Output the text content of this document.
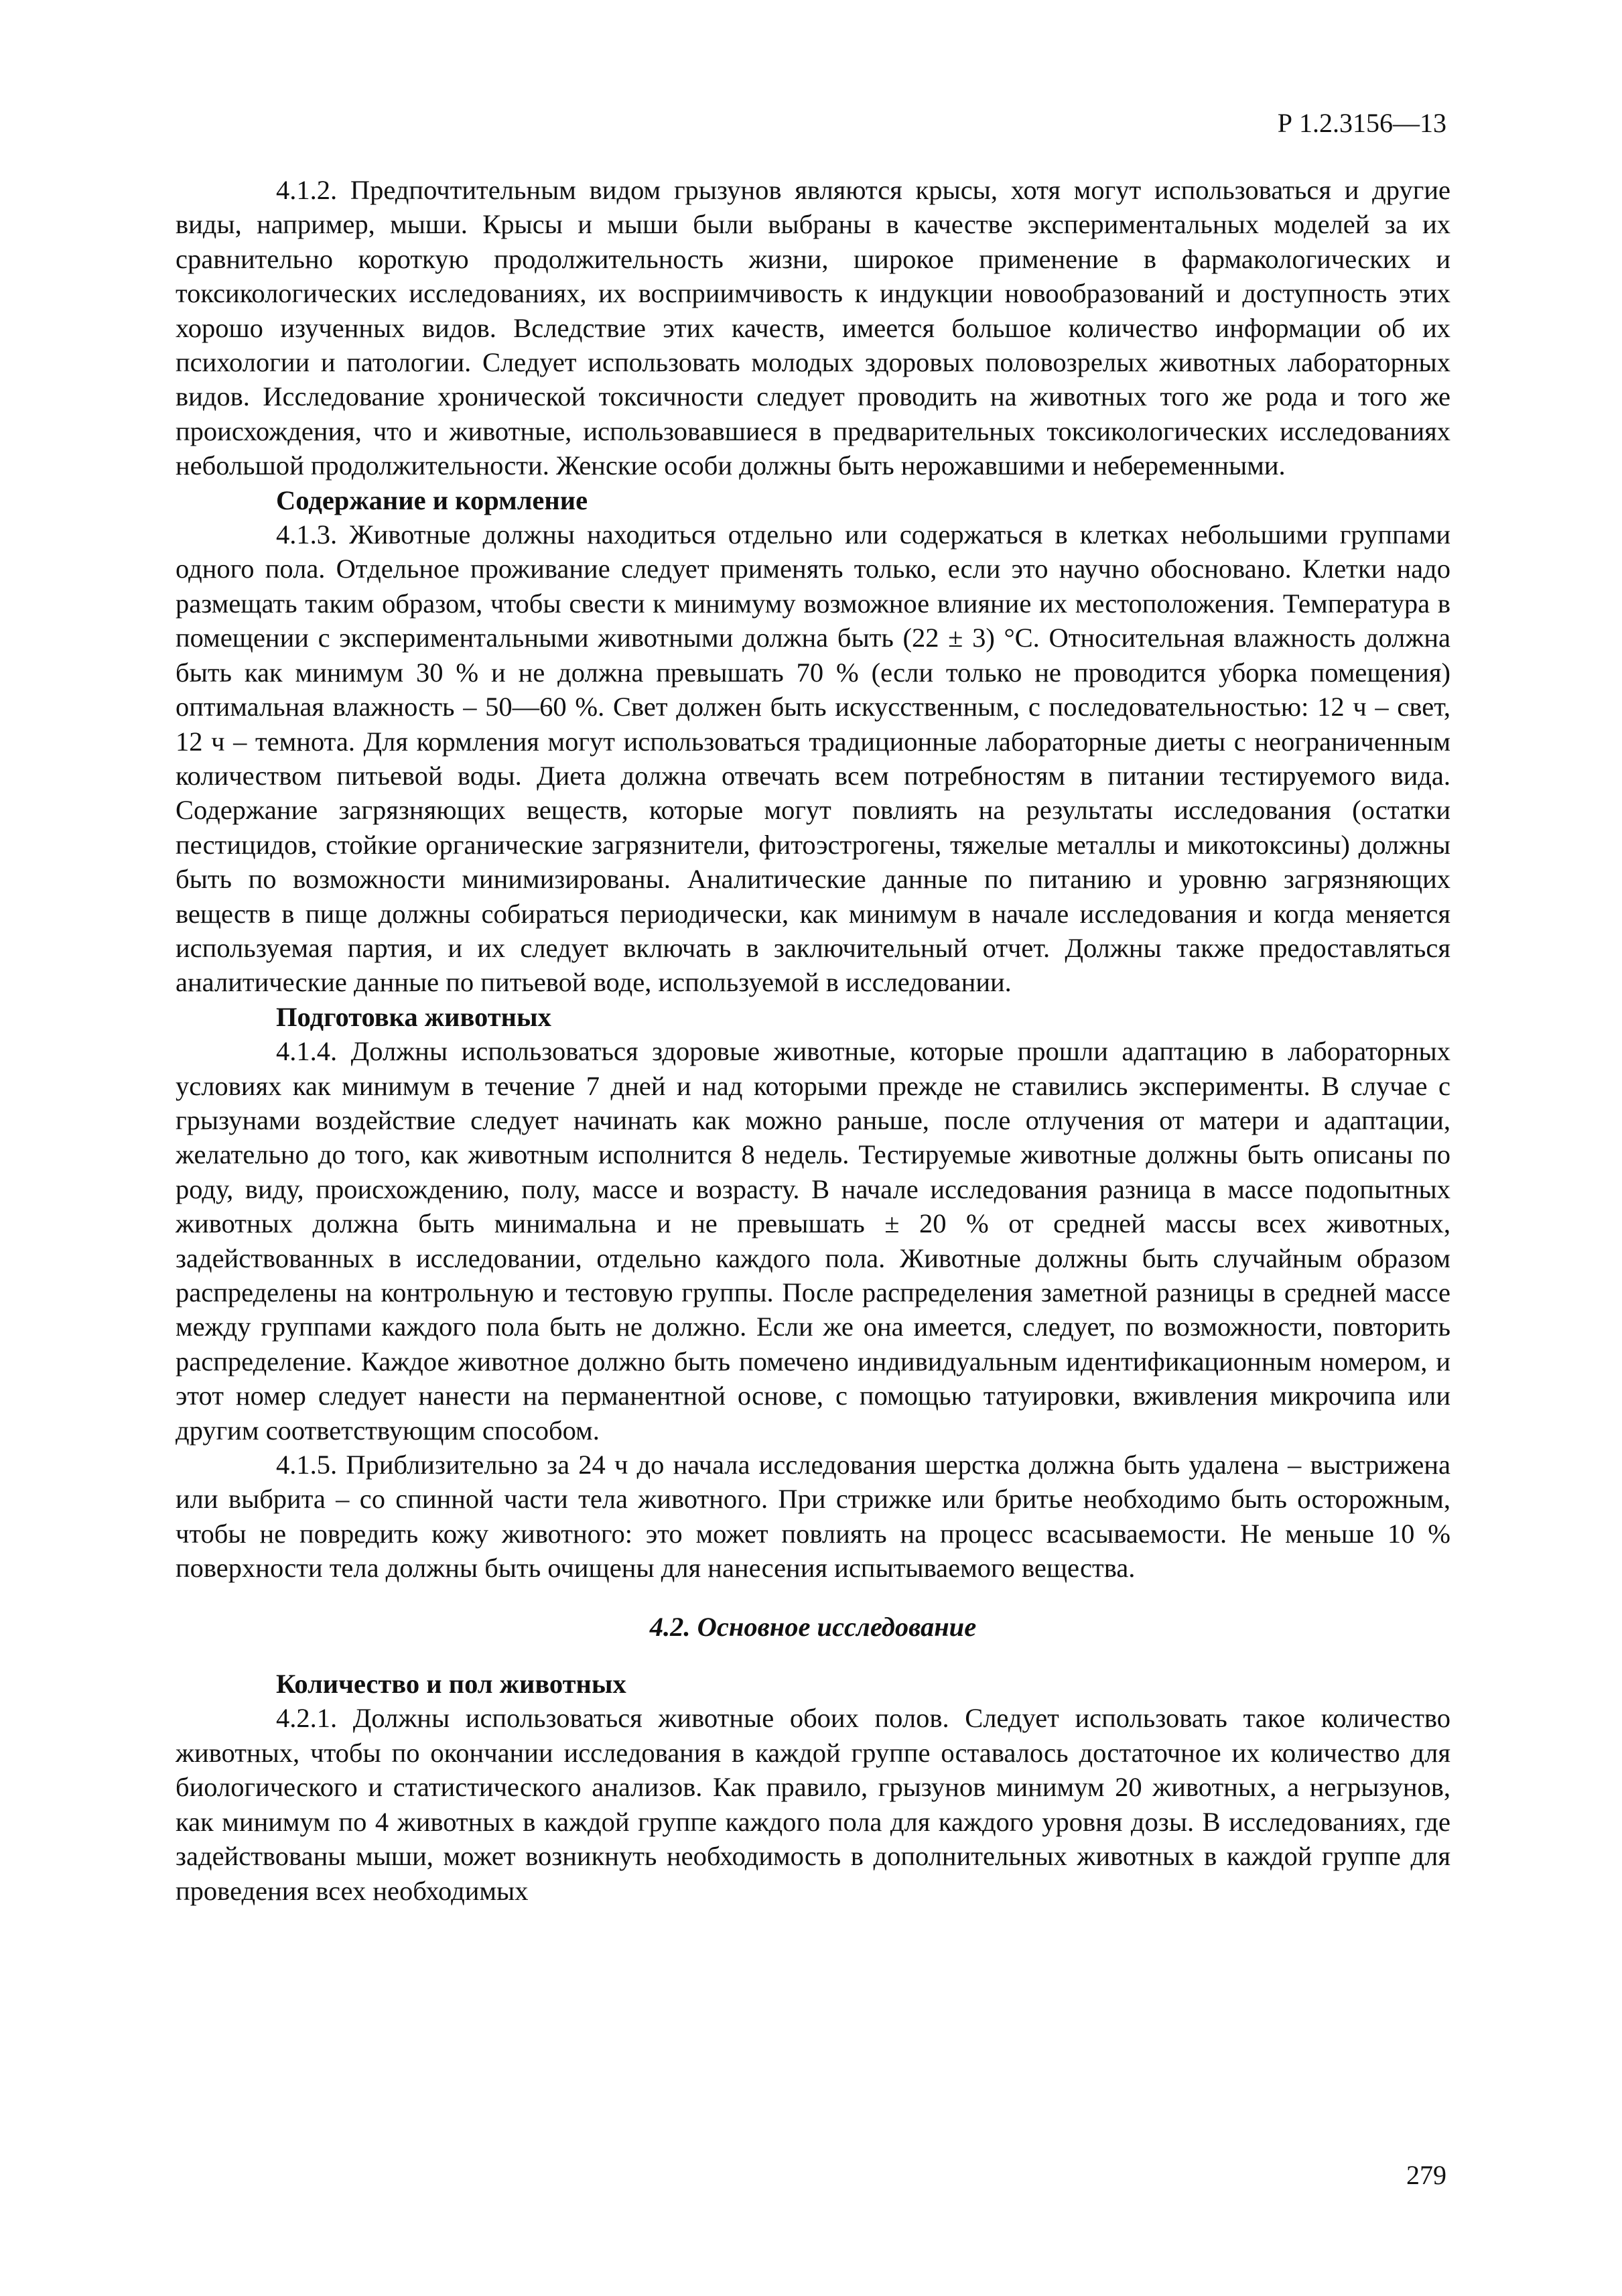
Р 1.2.3156—13

4.1.2. Предпочтительным видом грызунов являются крысы, хотя могут использоваться и другие виды, например, мыши. Крысы и мыши были выбраны в качестве экспериментальных моделей за их сравнительно короткую продолжительность жизни, широкое применение в фармакологических и токсикологических исследованиях, их восприимчивость к индукции новообразований и доступность этих хорошо изученных видов. Вследствие этих качеств, имеется большое количество информации об их психологии и патологии. Следует использовать молодых здоровых половозрелых животных лабораторных видов. Исследование хронической токсичности следует проводить на животных того же рода и того же происхождения, что и животные, использовавшиеся в предварительных токсикологических исследованиях небольшой продолжительности. Женские особи должны быть нерожавшими и небеременными.

Содержание и кормление

4.1.3. Животные должны находиться отдельно или содержаться в клетках небольшими группами одного пола. Отдельное проживание следует применять только, если это научно обосновано. Клетки надо размещать таким образом, чтобы свести к минимуму возможное влияние их местоположения. Температура в помещении с экспериментальными животными должна быть (22 ± 3) °С. Относительная влажность должна быть как минимум 30 % и не должна превышать 70 % (если только не проводится уборка помещения) оптимальная влажность – 50—60 %. Свет должен быть искусственным, с последовательностью: 12 ч – свет, 12 ч – темнота. Для кормления могут использоваться традиционные лабораторные диеты с неограниченным количеством питьевой воды. Диета должна отвечать всем потребностям в питании тестируемого вида. Содержание загрязняющих веществ, которые могут повлиять на результаты исследования (остатки пестицидов, стойкие органические загрязнители, фитоэстрогены, тяжелые металлы и микотоксины) должны быть по возможности минимизированы. Аналитические данные по питанию и уровню загрязняющих веществ в пище должны собираться периодически, как минимум в начале исследования и когда меняется используемая партия, и их следует включать в заключительный отчет. Должны также предоставляться аналитические данные по питьевой воде, используемой в исследовании.

Подготовка животных

4.1.4. Должны использоваться здоровые животные, которые прошли адаптацию в лабораторных условиях как минимум в течение 7 дней и над которыми прежде не ставились эксперименты. В случае с грызунами воздействие следует начинать как можно раньше, после отлучения от матери и адаптации, желательно до того, как животным исполнится 8 недель. Тестируемые животные должны быть описаны по роду, виду, происхождению, полу, массе и возрасту. В начале исследования разница в массе подопытных животных должна быть минимальна и не превышать ± 20 % от средней массы всех животных, задействованных в исследовании, отдельно каждого пола. Животные должны быть случайным образом распределены на контрольную и тестовую группы. После распределения заметной разницы в средней массе между группами каждого пола быть не должно. Если же она имеется, следует, по возможности, повторить распределение. Каждое животное должно быть помечено индивидуальным идентификационным номером, и этот номер следует нанести на перманентной основе, с помощью татуировки, вживления микрочипа или другим соответствующим способом.

4.1.5. Приблизительно за 24 ч до начала исследования шерстка должна быть удалена – выстрижена или выбрита – со спинной части тела животного. При стрижке или бритье необходимо быть осторожным, чтобы не повредить кожу животного: это может повлиять на процесс всасываемости. Не меньше 10 % поверхности тела должны быть очищены для нанесения испытываемого вещества.

4.2. Основное исследование
Количество и пол животных

4.2.1. Должны использоваться животные обоих полов. Следует использовать такое количество животных, чтобы по окончании исследования в каждой группе оставалось достаточное их количество для биологического и статистического анализов. Как правило, грызунов минимум 20 животных, а негрызунов, как минимум по 4 животных в каждой группе каждого пола для каждого уровня дозы. В исследованиях, где задействованы мыши, может возникнуть необходимость в дополнительных животных в каждой группе для проведения всех необходимых

279
